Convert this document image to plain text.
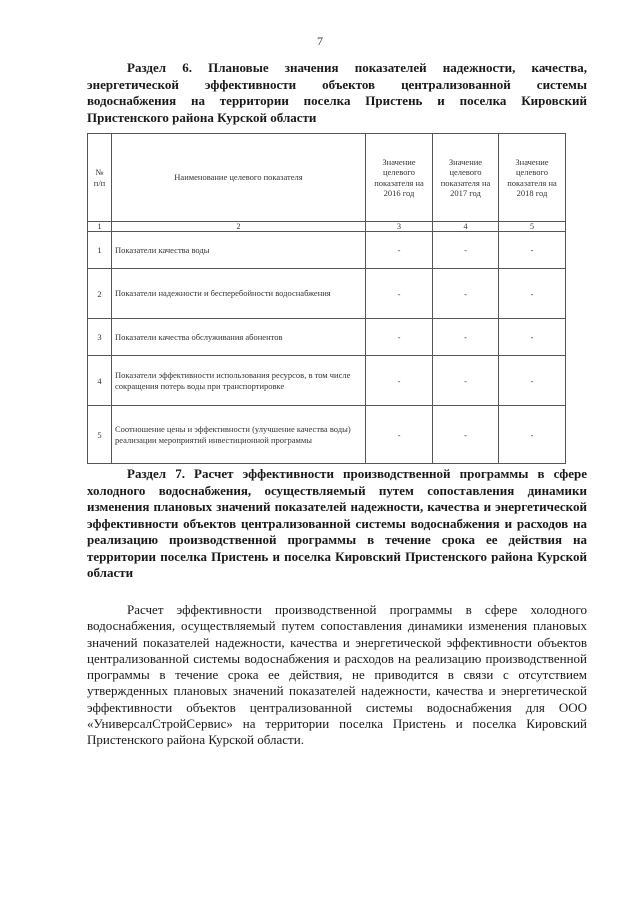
7

Раздел 6. Плановые значения показателей надежности, качества, энергетической эффективности объектов централизованной системы водоснабжения на территории поселка Пристень и поселка Кировский Пристенского района Курской области

№ п/п	Наименование целевого показателя	Значение целевого показателя на 2016 год	Значение целевого показателя на 2017 год	Значение целевого показателя на 2018 год
1	2	3	4	5
1	Показатели качества воды	-	-	-
2	Показатели надежности и бесперебойности водоснабжения	-	-	-
3	Показатели качества обслуживания абонентов	-	-	-
4	Показатели эффективности использования ресурсов, в том числе сокращения потерь воды при транспортировке	-	-	-
5	Соотношение цены и эффективности (улучшение качества воды) реализации мероприятий инвестиционной программы	-	-	-

Раздел 7. Расчет эффективности производственной программы в сфере холодного водоснабжения, осуществляемый путем сопоставления динамики изменения плановых значений показателей надежности, качества и энергетической эффективности объектов централизованной системы водоснабжения и расходов на реализацию производственной программы в течение срока ее действия на территории поселка Пристень и поселка Кировский Пристенского района Курской области

Расчет эффективности производственной программы в сфере холодного водоснабжения, осуществляемый путем сопоставления динамики изменения плановых значений показателей надежности, качества и энергетической эффективности объектов централизованной системы водоснабжения и расходов на реализацию производственной программы в течение срока ее действия, не приводится в связи с отсутствием утвержденных плановых значений показателей надежности, качества и энергетической эффективности объектов централизованной системы водоснабжения для ООО «УниверсалСтройСервис» на территории поселка Пристень и поселка Кировский Пристенского района Курской области.
